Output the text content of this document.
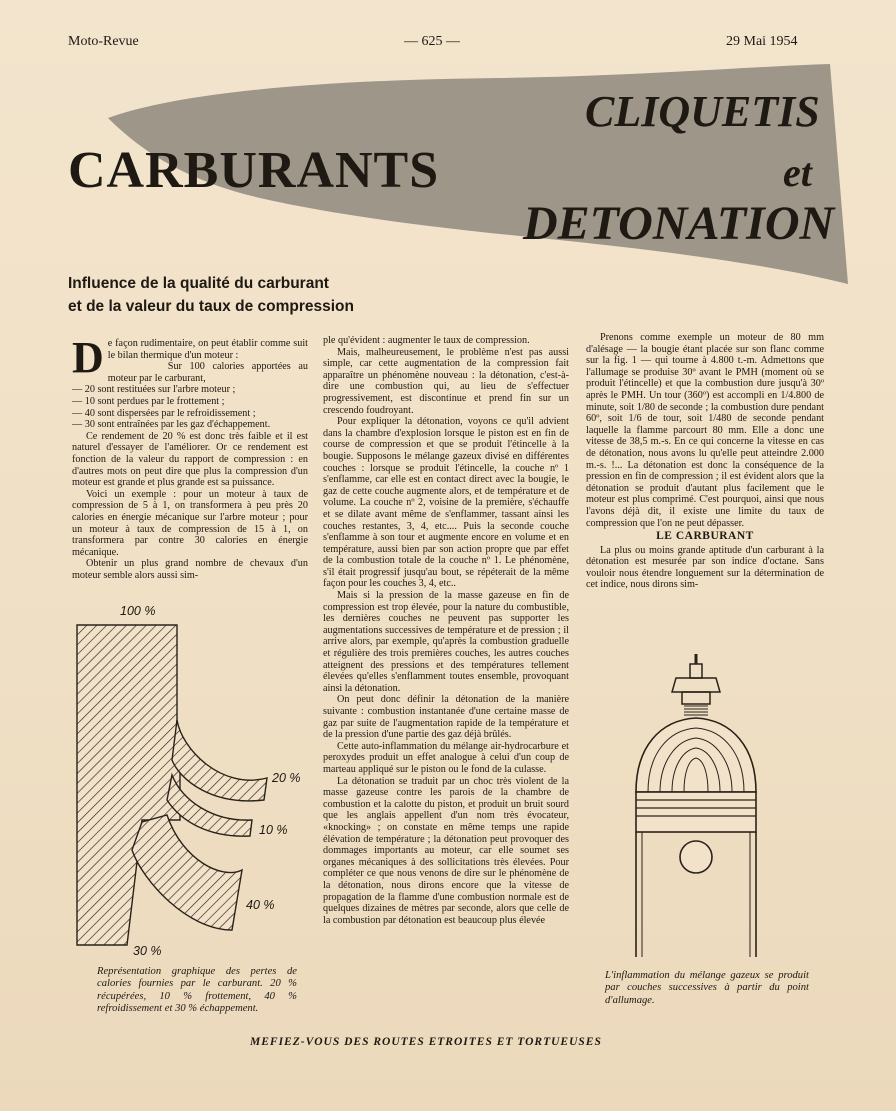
Moto-Revue	— 625 —	29 Mai 1954
CARBURANTS
CLIQUETIS
et
DETONATION
Influence de la qualité du carburant
et de la valeur du taux de compression
D e façon rudimentaire, on peut établir comme suit le bilan thermique d'un moteur :

Sur 100 calories apportées au moteur par le carburant,

— 20 sont restituées sur l'arbre moteur ;

— 10 sont perdues par le frottement ;

— 40 sont dispersées par le refroidissement ;

— 30 sont entraînées par les gaz d'échappement.

Ce rendement de 20 % est donc très faible et il est naturel d'essayer de l'améliorer. Or ce rendement est fonction de la valeur du rapport de compression : en d'autres mots on peut dire que plus la compression d'un moteur est grande et plus grande est sa puissance.

Voici un exemple : pour un moteur à taux de compression de 5 à 1, on transformera à peu près 20 calories en énergie mécanique sur l'arbre moteur ; pour un moteur à taux de compression de 15 à 1, on transformera par contre 30 calories en énergie mécanique.

Obtenir un plus grand nombre de chevaux d'un moteur semble alors aussi sim-

ple qu'évident : augmenter le taux de compression.

Mais, malheureusement, le problème n'est pas aussi simple, car cette augmentation de la compression fait apparaître un phénomène nouveau : la détonation, c'est-à-dire une combustion qui, au lieu de s'effectuer progressivement, est discontinue et prend fin sur un crescendo foudroyant.

Pour expliquer la détonation, voyons ce qu'il advient dans la chambre d'explosion lorsque le piston est en fin de course de compression et que se produit l'étincelle à la bougie. Supposons le mélange gazeux divisé en différentes couches : lorsque se produit l'étincelle, la couche nº 1 s'enflamme, car elle est en contact direct avec la bougie, le gaz de cette couche augmente alors, et de température et de volume. La couche nº 2, voisine de la première, s'échauffe et se dilate avant même de s'enflammer, tassant ainsi les couches restantes, 3, 4, etc.... Puis la seconde couche s'enflamme à son tour et augmente encore en volume et en température, aussi bien par son action propre que par effet de la combustion totale de la couche nº 1. Le phénomène, s'il était progressif jusqu'au bout, se répéterait de la même façon pour les couches 3, 4, etc..

Mais si la pression de la masse gazeuse en fin de compression est trop élevée, pour la nature du combustible, les dernières couches ne peuvent pas supporter les augmentations successives de température et de pression ; il arrive alors, par exemple, qu'après la combustion graduelle et régulière des trois premières couches, les autres couches atteignent des pressions et des températures tellement élevées qu'elles s'enflamment toutes ensemble, provoquant ainsi la détonation.

On peut donc définir la détonation de la manière suivante : combustion instantanée d'une certaine masse de gaz par suite de l'augmentation rapide de la température et de la pression d'une partie des gaz déjà brûlés.

Cette auto-inflammation du mélange air-hydrocarbure et peroxydes produit un effet analogue à celui d'un coup de marteau appliqué sur le piston ou le fond de la culasse.

La détonation se traduit par un choc très violent de la masse gazeuse contre les parois de la chambre de combustion et la calotte du piston, et produit un bruit sourd que les anglais appellent d'un nom très évocateur, «knocking» ; on constate en même temps une rapide élévation de température ; la détonation peut provoquer des dommages importants au moteur, car elle soumet ses organes mécaniques à des sollicitations très élevées. Pour compléter ce que nous venons de dire sur le phénomène de la détonation, nous dirons encore que la vitesse de propagation de la flamme d'une combustion normale est de quelques dizaines de mètres par seconde, alors que celle de la combustion par détonation est beaucoup plus élevée

Prenons comme exemple un moteur de 80 mm d'alésage — la bougie étant placée sur son flanc comme sur la fig. 1 — qui tourne à 4.800 t.-m. Admettons que l'allumage se produise 30º avant le PMH (moment où se produit l'étincelle) et que la combustion dure jusqu'à 30º après le PMH. Un tour (360º) est accompli en 1/4.800 de minute, soit 1/80 de seconde ; la combustion dure pendant 60º, soit 1/6 de tour, soit 1/480 de seconde pendant laquelle la flamme parcourt 80 mm. Elle a donc une vitesse de 38,5 m.-s. En ce qui concerne la vitesse en cas de détonation, nous avons lu qu'elle peut atteindre 2.000 m.-s. !... La détonation est donc la conséquence de la pression en fin de compression ; il est évident alors que la détonation se produit d'autant plus facilement que le moteur est plus comprimé. C'est pourquoi, ainsi que nous l'avons déjà dit, il existe une limite du taux de compression que l'on ne peut dépasser.

LE CARBURANT

La plus ou moins grande aptitude d'un carburant à la détonation est mesurée par son indice d'octane. Sans vouloir nous étendre longuement sur la détermination de cet indice, nous dirons sim-

100 %
20 %
10 %
40 %
30 %

Représentation graphique des pertes de calories fournies par le carburant. 20 % récupérées, 10 % frottement, 40 % refroidissement et 30 % échappement.

L'inflammation du mélange gazeux se produit par couches successives à partir du point d'allumage.

MEFIEZ-VOUS DES ROUTES ETROITES ET TORTUEUSES
